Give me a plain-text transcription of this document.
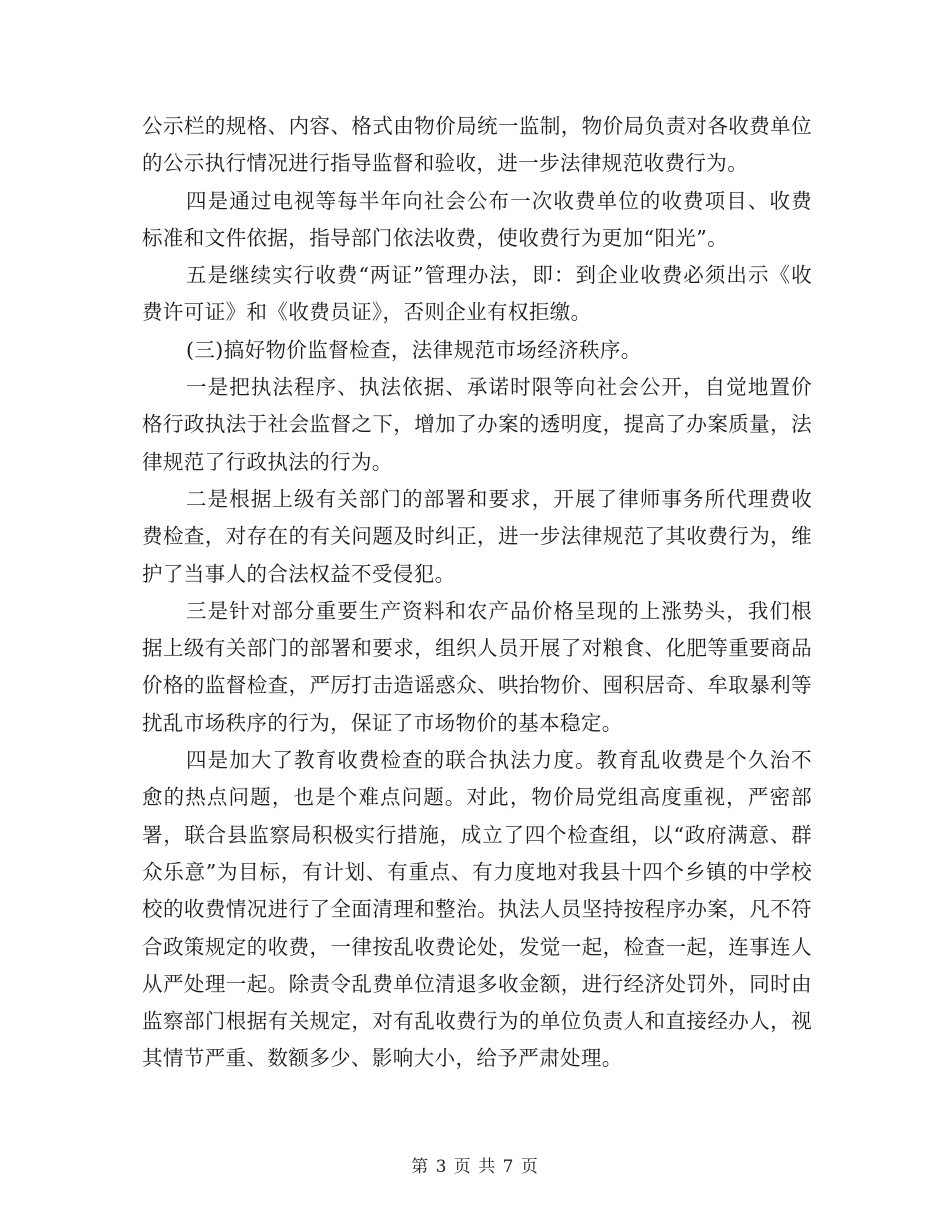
公示栏的规格、内容、格式由物价局统一监制，物价局负责对各收费单位的公示执行情况进行指导监督和验收，进一步法律规范收费行为。

四是通过电视等每半年向社会公布一次收费单位的收费项目、收费标准和文件依据，指导部门依法收费，使收费行为更加“阳光”。

五是继续实行收费“两证”管理办法，即：到企业收费必须出示《收费许可证》和《收费员证》，否则企业有权拒缴。

(三)搞好物价监督检查，法律规范市场经济秩序。

一是把执法程序、执法依据、承诺时限等向社会公开，自觉地置价格行政执法于社会监督之下，增加了办案的透明度，提高了办案质量，法律规范了行政执法的行为。

二是根据上级有关部门的部署和要求，开展了律师事务所代理费收费检查，对存在的有关问题及时纠正，进一步法律规范了其收费行为，维护了当事人的合法权益不受侵犯。

三是针对部分重要生产资料和农产品价格呈现的上涨势头，我们根据上级有关部门的部署和要求，组织人员开展了对粮食、化肥等重要商品价格的监督检查，严厉打击造谣惑众、哄抬物价、囤积居奇、牟取暴利等扰乱市场秩序的行为，保证了市场物价的基本稳定。

四是加大了教育收费检查的联合执法力度。教育乱收费是个久治不愈的热点问题，也是个难点问题。对此，物价局党组高度重视，严密部署，联合县监察局积极实行措施，成立了四个检查组，以“政府满意、群众乐意”为目标，有计划、有重点、有力度地对我县十四个乡镇的中学校校的收费情况进行了全面清理和整治。执法人员坚持按程序办案，凡不符合政策规定的收费，一律按乱收费论处，发觉一起，检查一起，连事连人从严处理一起。除责令乱费单位清退多收金额，进行经济处罚外，同时由监察部门根据有关规定，对有乱收费行为的单位负责人和直接经办人，视其情节严重、数额多少、影响大小，给予严肃处理。

第 3 页 共 7 页
